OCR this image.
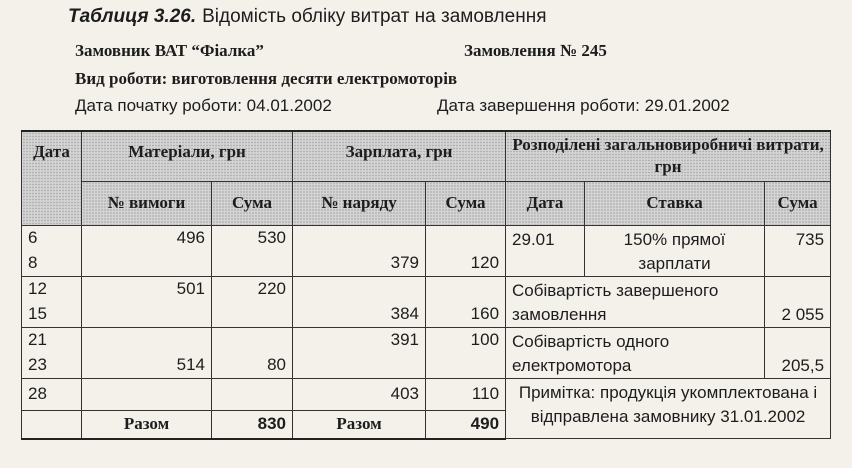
Таблиця 3.26. Відомість обліку витрат на замовлення
Замовник ВАТ “Фіалка”	Замовлення № 245
Вид роботи: виготовлення десяти електромоторів
Дата початку роботи: 04.01.2002	Дата завершення роботи: 29.01.2002
Дата	Матеріали, грн		Зарплата, грн		Розподілені загальновиробничі витрати, грн		
	№ вимоги	Сума	№ наряду	Сума	Дата	Ставка	Сума
6	496	530			29.01	150% прямої зарплати	735
8			379	120			
12	501	220			Собівартість завершеного замовлення		2 055
15			384	160			
21			391	100	Собівартість одного електромотора		205,5
23	514	80					
28			403	110	Примітка: продукція укомплектована і відправлена замовнику 31.01.2002		
	Разом	830	Разом	490			
